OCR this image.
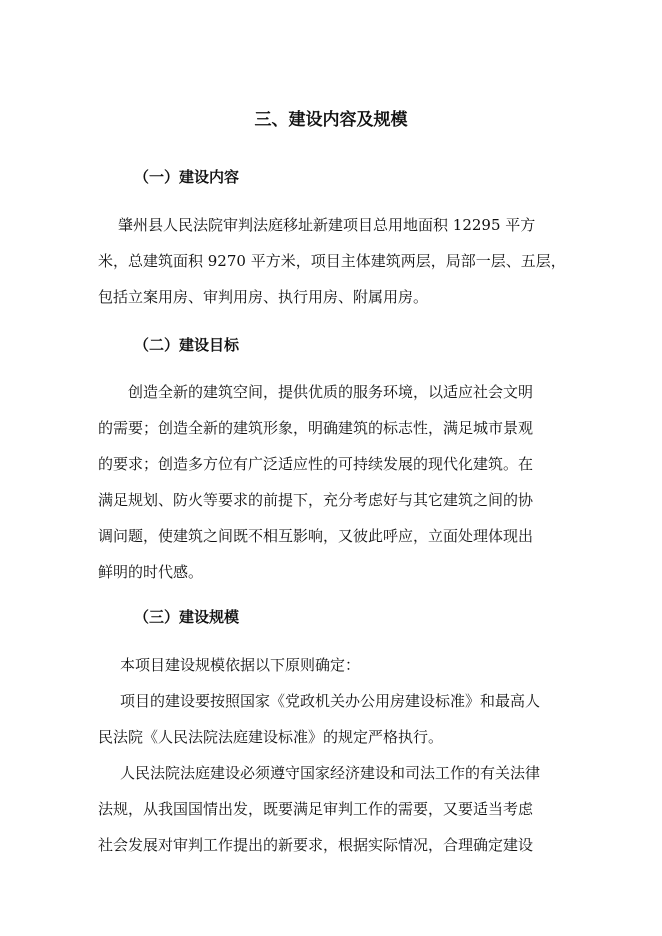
三、建设内容及规模
（一）建设内容
肇州县人民法院审判法庭移址新建项目总用地面积 12295 平方
米，总建筑面积 9270 平方米，项目主体建筑两层，局部一层、五层，
包括立案用房、审判用房、执行用房、附属用房。
（二）建设目标
创造全新的建筑空间，提供优质的服务环境，以适应社会文明
的需要；创造全新的建筑形象，明确建筑的标志性，满足城市景观
的要求；创造多方位有广泛适应性的可持续发展的现代化建筑。在
满足规划、防火等要求的前提下，充分考虑好与其它建筑之间的协
调问题，使建筑之间既不相互影响，又彼此呼应，立面处理体现出
鲜明的时代感。
（三）建设规模
本项目建设规模依据以下原则确定：
项目的建设要按照国家《党政机关办公用房建设标准》和最高人
民法院《人民法院法庭建设标准》的规定严格执行。
人民法院法庭建设必须遵守国家经济建设和司法工作的有关法律
法规，从我国国情出发，既要满足审判工作的需要，又要适当考虑
社会发展对审判工作提出的新要求，根据实际情况，合理确定建设
